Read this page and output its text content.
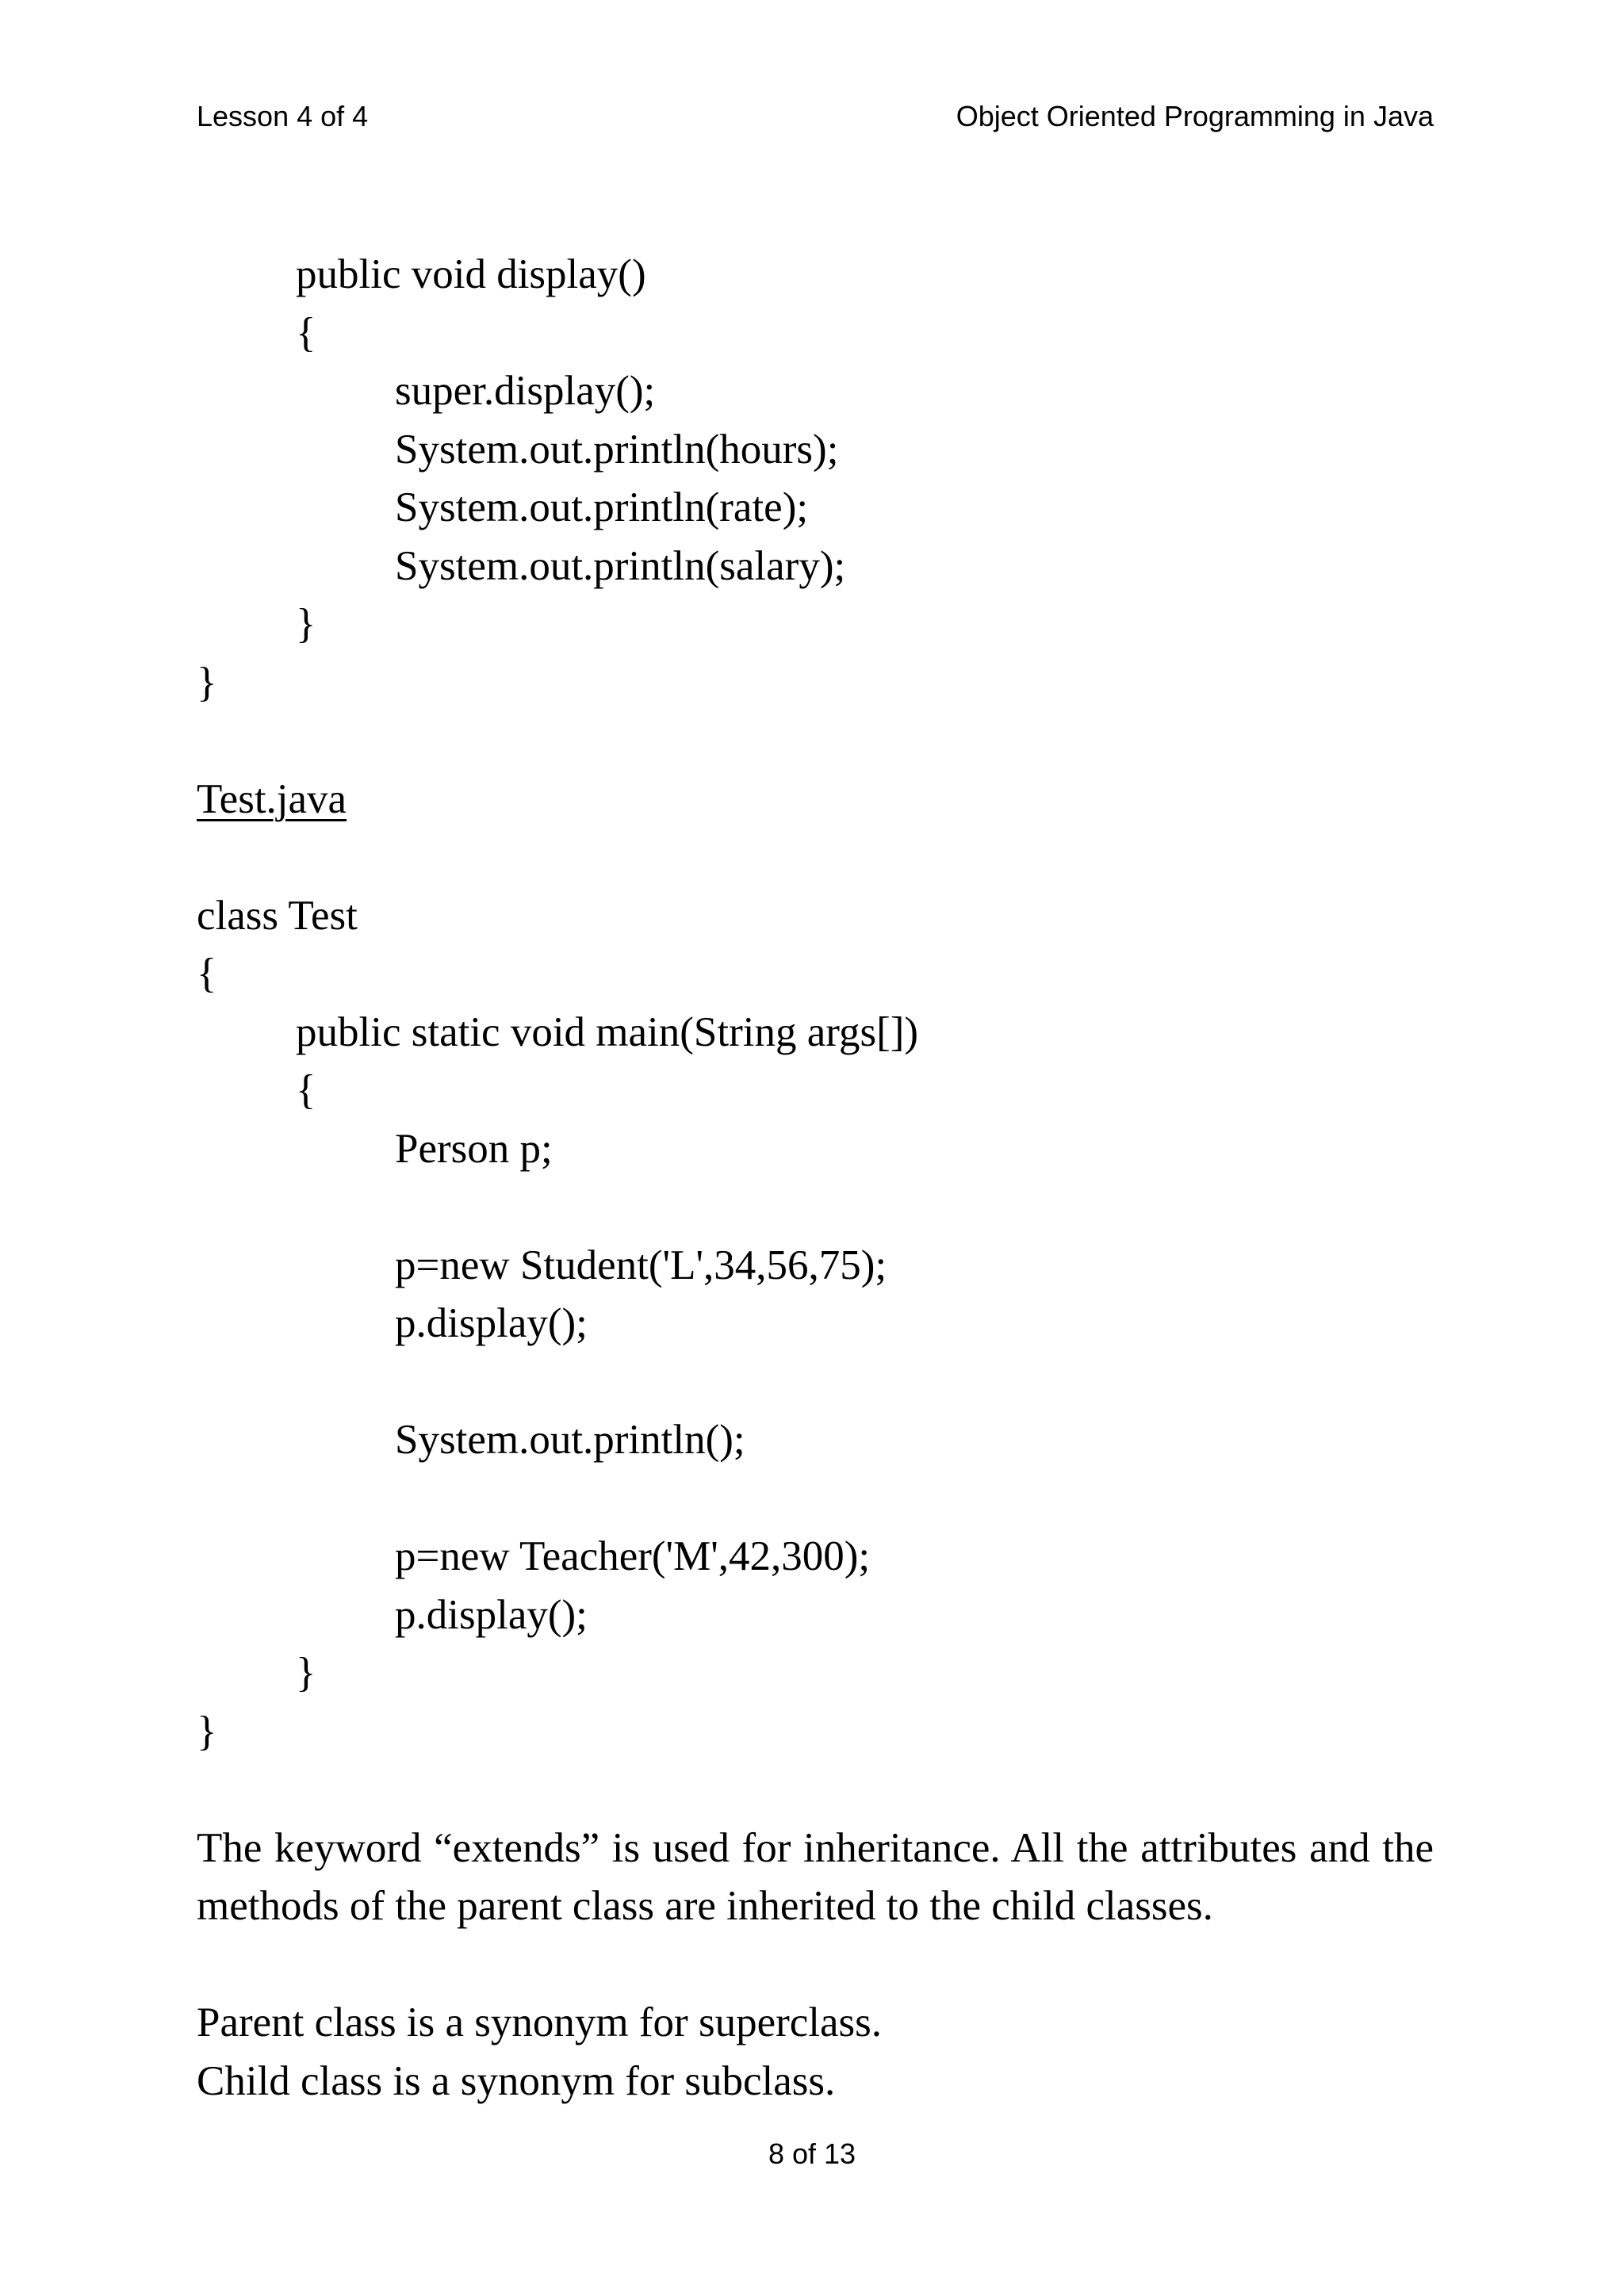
Lesson 4 of 4	Object Oriented Programming in Java
public void display()
{
super.display();
System.out.println(hours);
System.out.println(rate);
System.out.println(salary);
}
}
Test.java
class Test
{
public static void main(String args[])
{
Person p;
p=new Student('L',34,56,75);
p.display();
System.out.println();
p=new Teacher('M',42,300);
p.display();
}
}
The keyword “extends” is used for inheritance. All the attributes and the methods of the parent class are inherited to the child classes.
Parent class is a synonym for superclass.
Child class is a synonym for subclass.
8 of 13
